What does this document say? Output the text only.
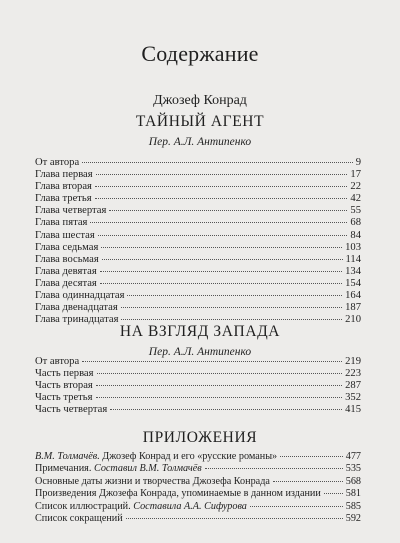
Содержание
Джозеф Конрад
ТАЙНЫЙ АГЕНТ
Пер. А.Л. Антипенко
От автора	9
Глава первая	17
Глава вторая	22
Глава третья	42
Глава четвертая	55
Глава пятая	68
Глава шестая	84
Глава седьмая	103
Глава восьмая	114
Глава девятая	134
Глава десятая	154
Глава одиннадцатая	164
Глава двенадцатая	187
Глава тринадцатая	210
НА ВЗГЛЯД ЗАПАДА
Пер. А.Л. Антипенко
От автора	219
Часть первая	223
Часть вторая	287
Часть третья	352
Часть четвертая	415
ПРИЛОЖЕНИЯ
В.М. Толмачёв. Джозеф Конрад и его «русские романы»	477
Примечания. Составил В.М. Толмачёв	535
Основные даты жизни и творчества Джозефа Конрада	568
Произведения Джозефа Конрада, упоминаемые в данном издании 581
Список иллюстраций. Составила А.А. Сифурова	585
Список сокращений	592
